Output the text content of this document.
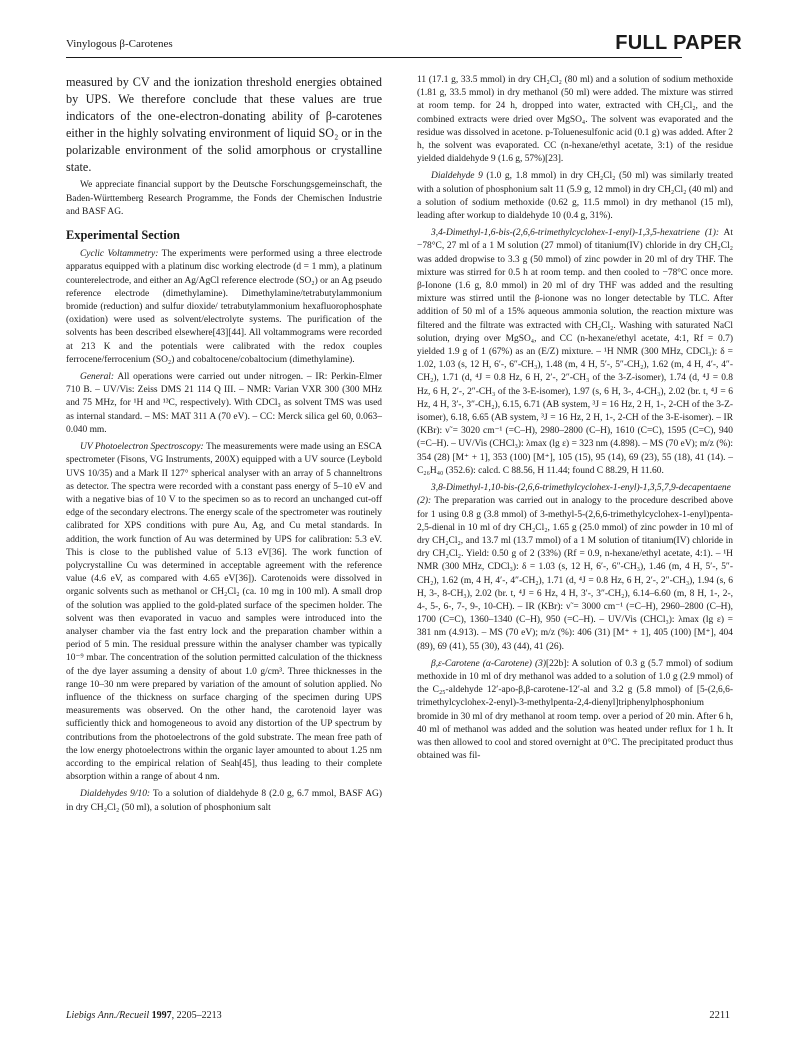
Vinylogous β-Carotenes	FULL PAPER

measured by CV and the ionization threshold energies obtained by UPS. We therefore conclude that these values are true indicators of the one-electron-donating ability of β-carotenes either in the highly solvating environment of liquid SO₂ or in the polarizable environment of the solid amorphous or crystalline state.

We appreciate financial support by the Deutsche Forschungsgemeinschaft, the Baden-Württemberg Research Programme, the Fonds der Chemischen Industrie and BASF AG.

Experimental Section

Cyclic Voltammetry: The experiments were performed using a three electrode apparatus equipped with a platinum disc working electrode (d = 1 mm), a platinum counterelectrode, and either an Ag/AgCl reference electrode (SO₂) or an Ag pseudo reference electrode (dimethylamine). Dimethylamine/tetrabutylammonium bromide (reduction) and sulfur dioxide/ tetrabutylammonium hexafluorophosphate (oxidation) were used as solvent/electrolyte systems. The purification of the solvents has been described elsewhere[43][44]. All voltammograms were recorded at 213 K and the potentials were calibrated with the redox couples ferrocene/ferrocenium (SO₂) and cobaltocene/cobaltocium (dimethylamine).

General: All operations were carried out under nitrogen. – IR: Perkin-Elmer 710 B. – UV/Vis: Zeiss DMS 21 114 Q III. – NMR: Varian VXR 300 (300 MHz and 75 MHz, for ¹H and ¹³C, respectively). With CDCl₃ as solvent TMS was used as internal standard. – MS: MAT 311 A (70 eV). – CC: Merck silica gel 60, 0.063–0.040 mm.

UV Photoelectron Spectroscopy: The measurements were made using an ESCA spectrometer (Fisons, VG Instruments, 200X) equipped with a UV source (Leybold UVS 10/35) and a Mark II 127° spherical analyser with an array of 5 channeltrons as detector. The spectra were recorded with a constant pass energy of 5–10 eV and with a negative bias of 10 V to the specimen so as to record an unchanged cut-off edge of the secondary electrons. The energy scale of the spectrometer was routinely calibrated for XPS conditions with pure Au, Ag, and Cu metal standards. In addition, the work function of Au was determined by UPS for calibration: 5.3 eV. This is close to the published value of 5.13 eV[36]. The work function of polycrystalline Cu was determined in acceptable agreement with the reference value (4.6 eV, as compared with 4.65 eV[36]). Carotenoids were dissolved in organic solvents such as methanol or CH₂Cl₂ (ca. 10 mg in 100 ml). A small drop of the solution was applied to the gold-plated surface of the specimen holder. The solvent was then evaporated in vacuo and samples were introduced into the analyser chamber via the fast entry lock and the preparation chamber within a period of 5 min. The residual pressure within the analyser chamber was typically 10⁻⁹ mbar. The concentration of the solution permitted calculation of the thickness of the dye layer assuming a density of about 1.0 g/cm³. Three thicknesses in the range 10–30 nm were prepared by variation of the amount of solution applied. No influence of the thickness on surface charging of the specimen during UPS measurements was observed. On the other hand, the carotenoid layer was sufficiently thick and homogeneous to avoid any distortion of the UP spectrum by contributions from the photoelectrons of the gold substrate. The mean free path of the low energy photoelectrons within the organic layer amounted to about 1.25 nm according to the empirical relation of Seah[45], thus leading to their complete absorption within a range of about 4 nm.

Dialdehydes 9/10: To a solution of dialdehyde 8 (2.0 g, 6.7 mmol, BASF AG) in dry CH₂Cl₂ (50 ml), a solution of phosphonium salt

11 (17.1 g, 33.5 mmol) in dry CH₂Cl₂ (80 ml) and a solution of sodium methoxide (1.81 g, 33.5 mmol) in dry methanol (50 ml) were added. The mixture was stirred at room temp. for 24 h, dropped into water, extracted with CH₂Cl₂, and the combined extracts were dried over MgSO₄. The solvent was evaporated and the residue was dissolved in acetone. p-Toluenesulfonic acid (0.1 g) was added. After 2 h, the solvent was evaporated. CC (n-hexane/ethyl acetate, 3:1) of the residue yielded dialdehyde 9 (1.6 g, 57%)[23].

Dialdehyde 9 (1.0 g, 1.8 mmol) in dry CH₂Cl₂ (50 ml) was similarly treated with a solution of phosphonium salt 11 (5.9 g, 12 mmol) in dry CH₂Cl₂ (40 ml) and a solution of sodium methoxide (0.62 g, 11.5 mmol) in dry methanol (15 ml), leading after workup to dialdehyde 10 (0.4 g, 31%).

3,4-Dimethyl-1,6-bis-(2,6,6-trimethylcyclohex-1-enyl)-1,3,5-hexatriene (1): At −78°C, 27 ml of a 1 M solution (27 mmol) of titanium(IV) chloride in dry CH₂Cl₂ was added dropwise to 3.3 g (50 mmol) of zinc powder in 20 ml of dry THF. The mixture was stirred for 0.5 h at room temp. and then cooled to −78°C once more. β-Ionone (1.6 g, 8.0 mmol) in 20 ml of dry THF was added and the resulting mixture was stirred until the β-ionone was no longer detectable by TLC. After addition of 50 ml of a 15% aqueous ammonia solution, the reaction mixture was filtered and the filtrate was extracted with CH₂Cl₂. Washing with saturated NaCl solution, drying over MgSO₄, and CC (n-hexane/ethyl acetate, 4:1, Rf = 0.7) yielded 1.9 g of 1 (67%) as an (E/Z) mixture. – ¹H NMR (300 MHz, CDCl₃): δ = 1.02, 1.03 (s, 12 H, 6′-, 6″-CH₃), 1.48 (m, 4 H, 5′-, 5″-CH₂), 1.62 (m, 4 H, 4′-, 4″-CH₂), 1.71 (d, ⁴J = 0.8 Hz, 6 H, 2′-, 2″-CH₃ of the 3-Z-isomer), 1.74 (d, ⁴J = 0.8 Hz, 6 H, 2′-, 2″-CH₃ of the 3-E-isomer), 1.97 (s, 6 H, 3-, 4-CH₃), 2.02 (br. t, ⁴J = 6 Hz, 4 H, 3′-, 3″-CH₂), 6.15, 6.71 (AB system, ³J = 16 Hz, 2 H, 1-, 2-CH of the 3-Z-isomer), 6.18, 6.65 (AB system, ³J = 16 Hz, 2 H, 1-, 2-CH of the 3-E-isomer). – IR (KBr): ν̃ = 3020 cm⁻¹ (=C–H), 2980–2800 (C–H), 1610 (C=C), 1595 (C=C), 940 (=C–H). – UV/Vis (CHCl₃): λmax (lg ε) = 323 nm (4.898). – MS (70 eV); m/z (%): 354 (28) [M⁺ + 1], 353 (100) [M⁺], 105 (15), 95 (14), 69 (23), 55 (18), 41 (14). – C₂₆H₄₀ (352.6): calcd. C 88.56, H 11.44; found C 88.29, H 11.60.

3,8-Dimethyl-1,10-bis-(2,6,6-trimethylcyclohex-1-enyl)-1,3,5,7,9-decapentaene (2): The preparation was carried out in analogy to the procedure described above for 1 using 0.8 g (3.8 mmol) of 3-methyl-5-(2,6,6-trimethylcyclohex-1-enyl)penta-2,5-dienal in 10 ml of dry CH₂Cl₂, 1.65 g (25.0 mmol) of zinc powder in 10 ml of dry CH₂Cl₂, and 13.7 ml (13.7 mmol) of a 1 M solution of titanium(IV) chloride in dry CH₂Cl₂. Yield: 0.50 g of 2 (33%) (Rf = 0.9, n-hexane/ethyl acetate, 4:1). – ¹H NMR (300 MHz, CDCl₃): δ = 1.03 (s, 12 H, 6′-, 6″-CH₃), 1.46 (m, 4 H, 5′-, 5″-CH₂), 1.62 (m, 4 H, 4′-, 4″-CH₂), 1.71 (d, ⁴J = 0.8 Hz, 6 H, 2′-, 2″-CH₃), 1.94 (s, 6 H, 3-, 8-CH₃), 2.02 (br. t, ⁴J = 6 Hz, 4 H, 3′-, 3″-CH₂), 6.14–6.60 (m, 8 H, 1-, 2-, 4-, 5-, 6-, 7-, 9-, 10-CH). – IR (KBr): ν̃ = 3000 cm⁻¹ (=C–H), 2960–2800 (C–H), 1700 (C=C), 1360–1340 (C–H), 950 (=C–H). – UV/Vis (CHCl₃): λmax (lg ε) = 381 nm (4.913). – MS (70 eV); m/z (%): 406 (31) [M⁺ + 1], 405 (100) [M⁺], 404 (89), 69 (41), 55 (30), 43 (44), 41 (26).

β,ε-Carotene (α-Carotene) (3)[22b]: A solution of 0.3 g (5.7 mmol) of sodium methoxide in 10 ml of dry methanol was added to a solution of 1.0 g (2.9 mmol) of the C₂₅-aldehyde 12′-apo-β,β-carotene-12′-al and 3.2 g (5.8 mmol) of [5-(2,6,6-trimethylcyclohex-2-enyl)-3-methylpenta-2,4-dienyl]triphenylphosphonium bromide in 30 ml of dry methanol at room temp. over a period of 20 min. After 6 h, 40 ml of methanol was added and the solution was heated under reflux for 1 h. It was then allowed to cool and stored overnight at 0°C. The precipitated product thus obtained was fil-

Liebigs Ann./Recueil 1997, 2205–2213	2211
